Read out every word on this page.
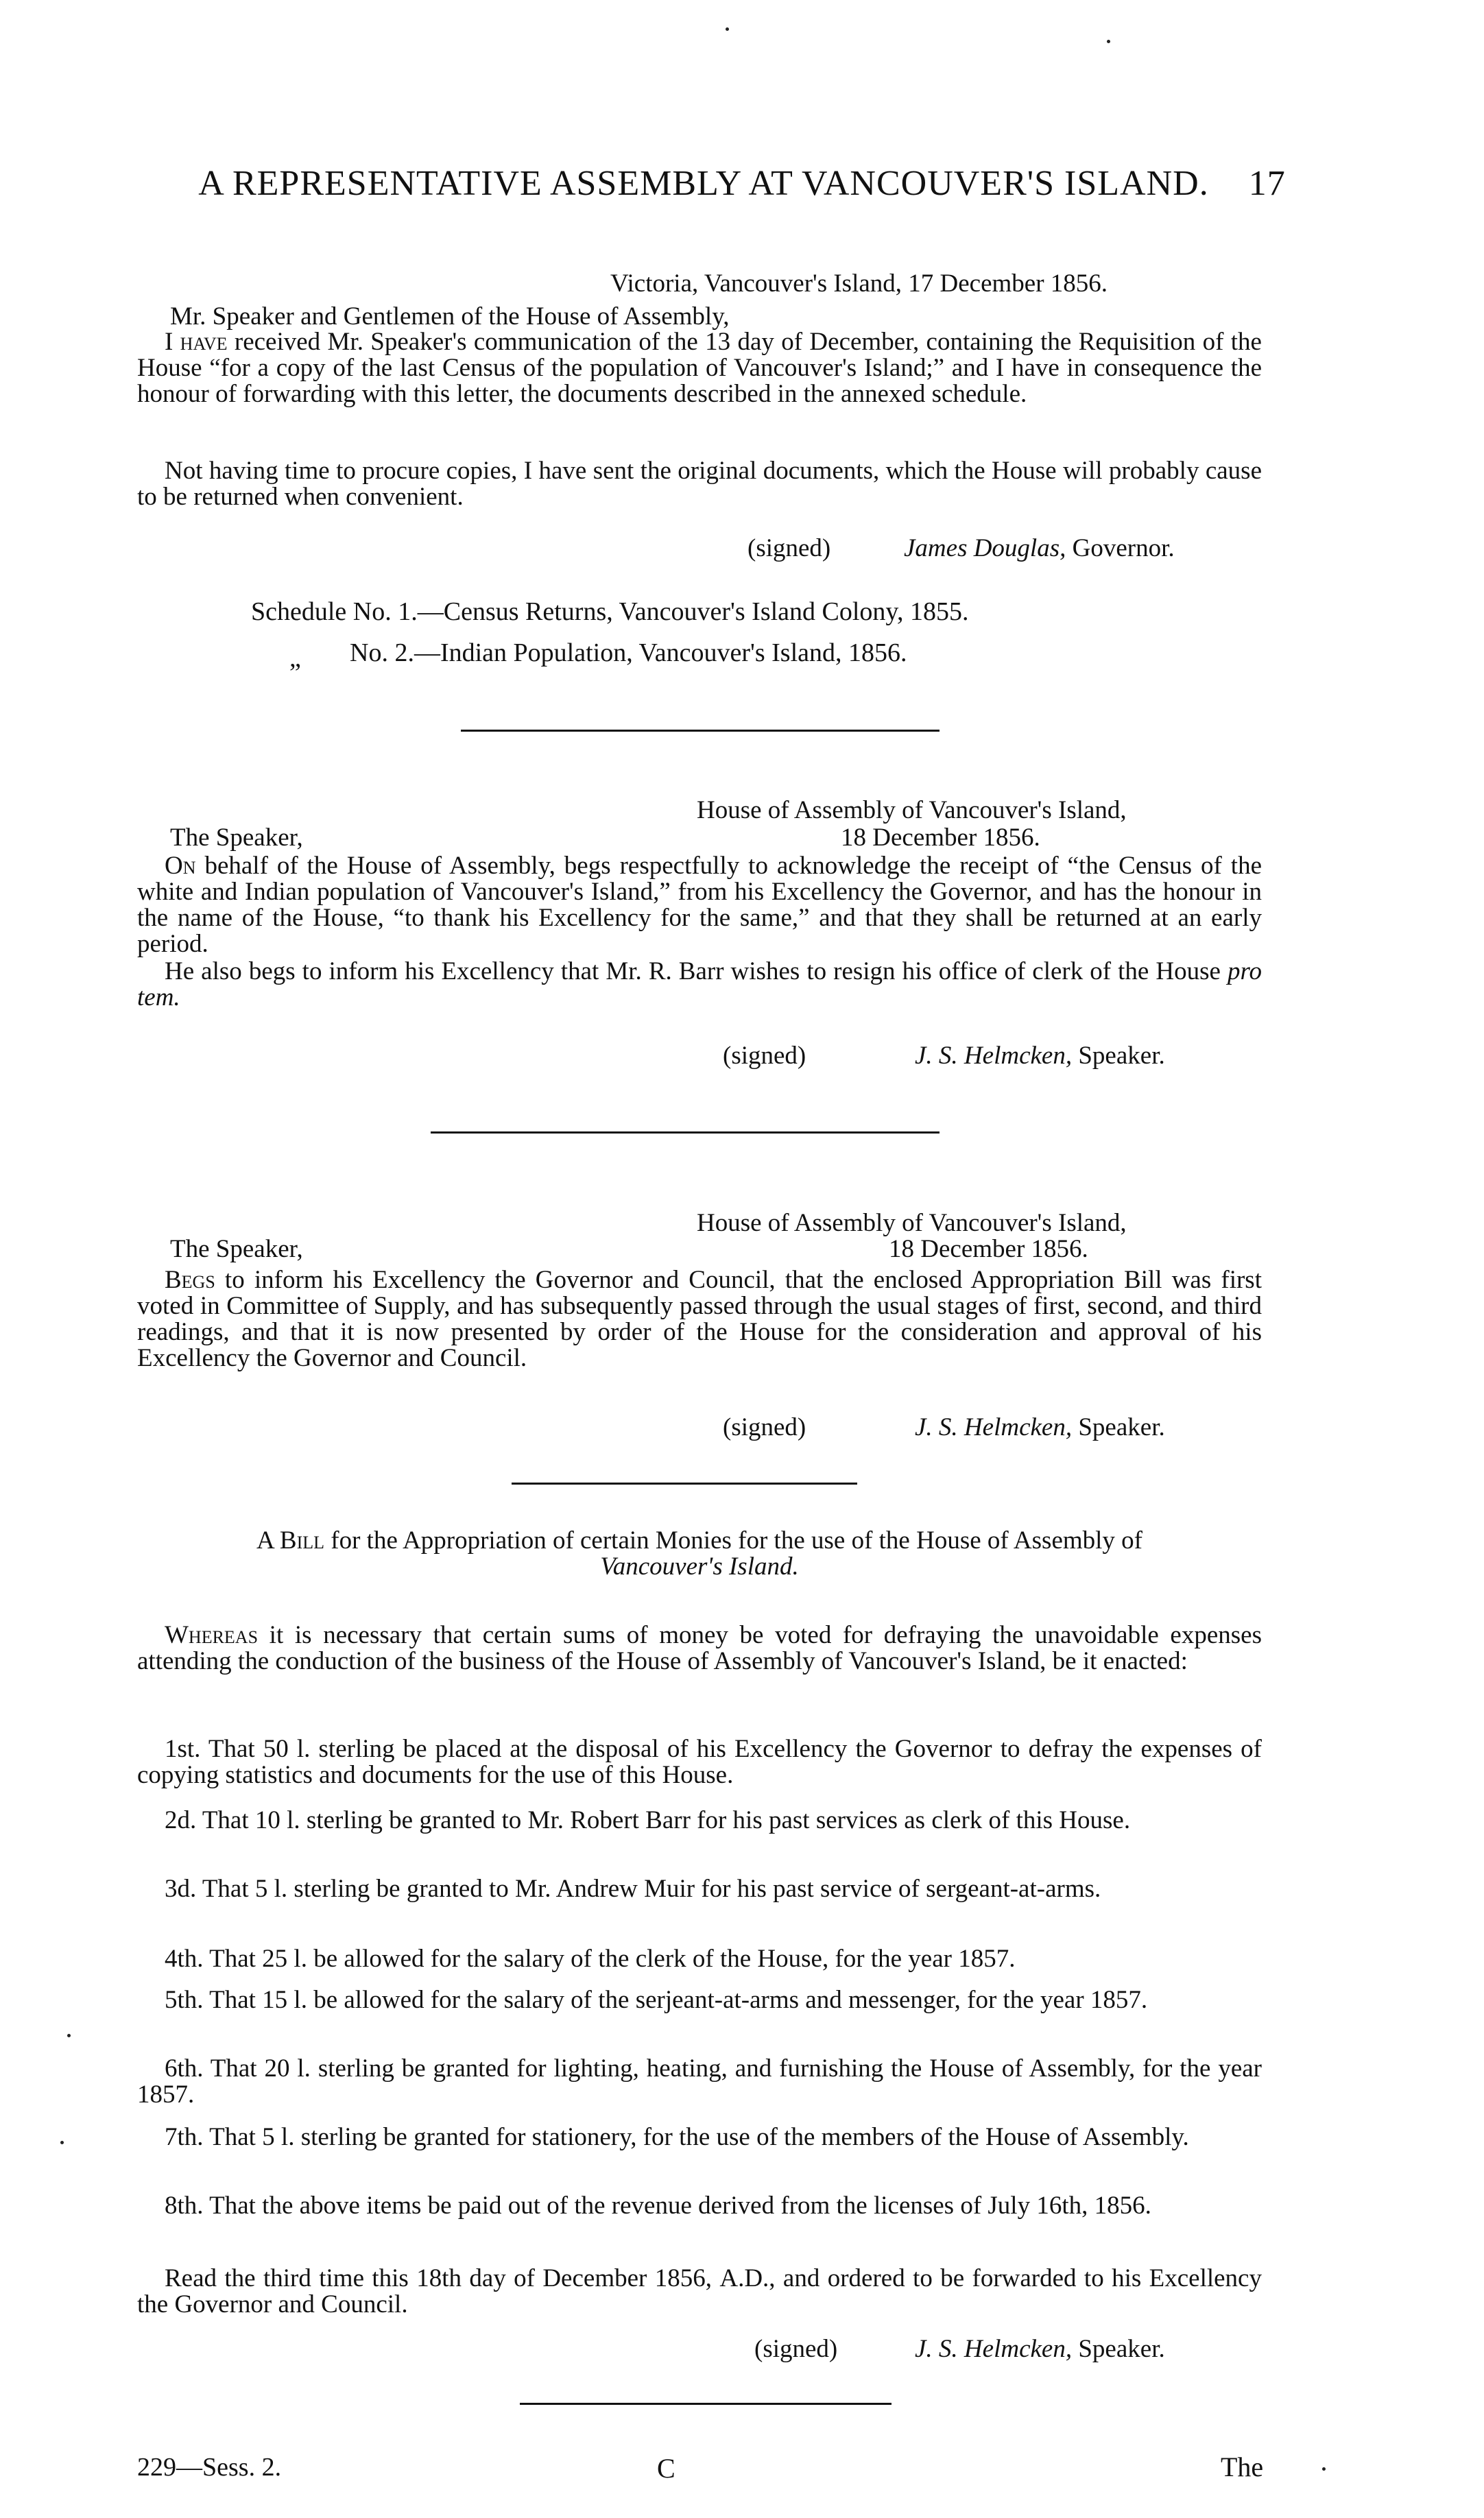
A REPRESENTATIVE ASSEMBLY AT VANCOUVER'S ISLAND. 17
Victoria, Vancouver's Island, 17 December 1856.
Mr. Speaker and Gentlemen of the House of Assembly,
I have received Mr. Speaker's communication of the 13 day of December, containing the Requisition of the House “for a copy of the last Census of the population of Vancouver's Island;” and I have in consequence the honour of forwarding with this letter, the documents described in the annexed schedule.
Not having time to procure copies, I have sent the original documents, which the House will probably cause to be returned when convenient.
(signed)	James Douglas, Governor.
Schedule No. 1.—Census Returns, Vancouver's Island Colony, 1855.
„ No. 2.—Indian Population, Vancouver's Island, 1856.
House of Assembly of Vancouver's Island,
The Speaker,	18 December 1856.
On behalf of the House of Assembly, begs respectfully to acknowledge the receipt of “the Census of the white and Indian population of Vancouver's Island,” from his Excellency the Governor, and has the honour in the name of the House, “to thank his Excellency for the same,” and that they shall be returned at an early period.
He also begs to inform his Excellency that Mr. R. Barr wishes to resign his office of clerk of the House pro tem.
(signed)	J. S. Helmcken, Speaker.
House of Assembly of Vancouver's Island,
The Speaker,	18 December 1856.
Begs to inform his Excellency the Governor and Council, that the enclosed Appropriation Bill was first voted in Committee of Supply, and has subsequently passed through the usual stages of first, second, and third readings, and that it is now presented by order of the House for the consideration and approval of his Excellency the Governor and Council.
(signed)	J. S. Helmcken, Speaker.
A Bill for the Appropriation of certain Monies for the use of the House of Assembly of
Vancouver's Island.
Whereas it is necessary that certain sums of money be voted for defraying the unavoidable expenses attending the conduction of the business of the House of Assembly of Vancouver's Island, be it enacted:
1st. That 50 l. sterling be placed at the disposal of his Excellency the Governor to defray the expenses of copying statistics and documents for the use of this House.
2d. That 10 l. sterling be granted to Mr. Robert Barr for his past services as clerk of this House.
3d. That 5 l. sterling be granted to Mr. Andrew Muir for his past service of sergeant-at-arms.
4th. That 25 l. be allowed for the salary of the clerk of the House, for the year 1857.
5th. That 15 l. be allowed for the salary of the serjeant-at-arms and messenger, for the year 1857.
6th. That 20 l. sterling be granted for lighting, heating, and furnishing the House of Assembly, for the year 1857.
7th. That 5 l. sterling be granted for stationery, for the use of the members of the House of Assembly.
8th. That the above items be paid out of the revenue derived from the licenses of July 16th, 1856.
Read the third time this 18th day of December 1856, A.D., and ordered to be forwarded to his Excellency the Governor and Council.
(signed)	J. S. Helmcken, Speaker.
229—Sess. 2.	C	The
